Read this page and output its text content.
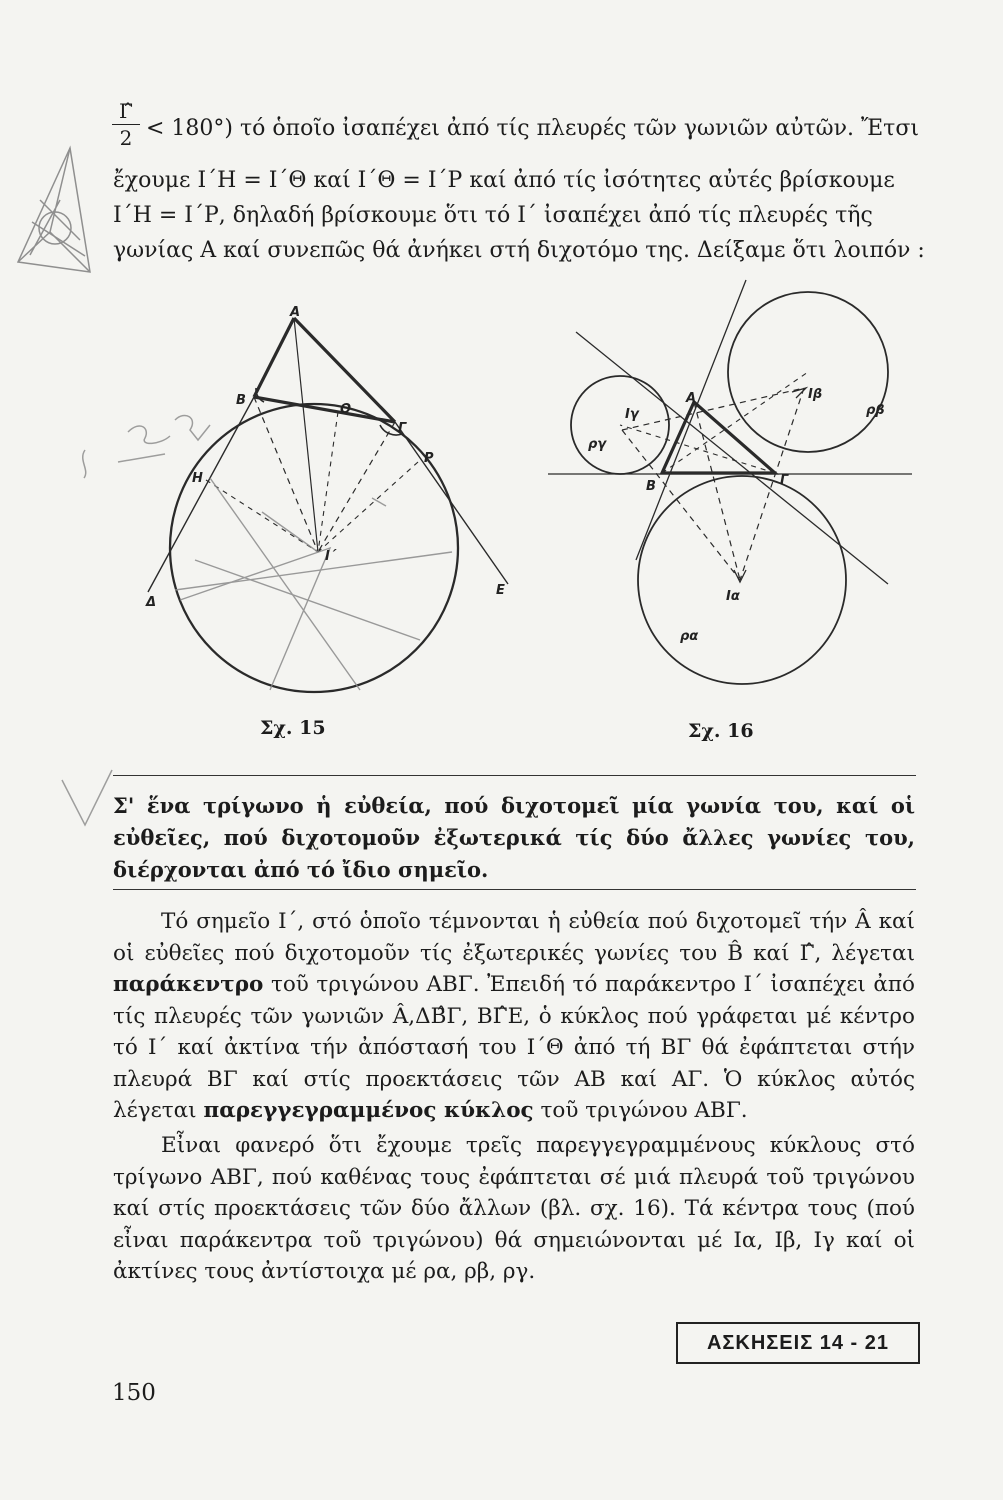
Γ̂
2 < 180°) τό ὁποῖο ἰσαπέχει ἀπό τίς πλευρές τῶν γωνιῶν αὐτῶν. Ἔτσι
ἔχουμε Ι΄Η = Ι΄Θ καί Ι΄Θ = Ι΄Ρ καί ἀπό τίς ἰσότητες αὐτές βρίσκουμε
Ι΄Η = Ι΄Ρ, δηλαδή βρίσκουμε ὅτι τό Ι΄ ἰσαπέχει ἀπό τίς πλευρές τῆς
γωνίας Α καί συνεπῶς θά ἀνήκει στή διχοτόμο της. Δείξαμε ὅτι λοιπόν :
A
B
Θ
Γ
P
H
Ι΄
Δ
E
A
B	Γ
Ιγ
Ιβ
Ια
ργ
ρβ
ρα
Σχ. 15	Σχ. 16
Σ' ἕνα τρίγωνο ἡ εὐθεία, πού διχοτομεῖ μία γωνία του, καί οἱ εὐθεῖες, πού διχοτομοῦν ἐξωτερικά τίς δύο ἄλλες γωνίες του, διέρχονται ἀπό τό ἴδιο σημεῖο.
Τό σημεῖο Ι΄, στό ὁποῖο τέμνονται ἡ εὐθεία πού διχοτομεῖ τήν Â καί οἱ εὐθεῖες πού διχοτομοῦν τίς ἐξωτερικές γωνίες του B̂ καί Γ̂, λέγεται παράκεντρο τοῦ τριγώνου ΑΒΓ. Ἐπειδή τό παράκεντρο Ι΄ ἰσαπέχει ἀπό τίς πλευρές τῶν γωνιῶν Â,ΔΒ̂Γ, ΒΓ̂Ε, ὁ κύκλος πού γράφεται μέ κέντρο τό Ι΄ καί ἀκτίνα τήν ἀπόστασή του Ι΄Θ ἀπό τή ΒΓ θά ἐφάπτεται στήν πλευρά ΒΓ καί στίς προεκτάσεις τῶν ΑΒ καί ΑΓ. Ὁ κύκλος αὐτός λέγεται παρεγγεγραμμένος κύκλος τοῦ τριγώνου ΑΒΓ.
Εἶναι φανερό ὅτι ἔχουμε τρεῖς παρεγγεγραμμένους κύκλους στό τρίγωνο ΑΒΓ, πού καθένας τους ἐφάπτεται σέ μιά πλευρά τοῦ τριγώνου καί στίς προεκτάσεις τῶν δύο ἄλλων (βλ. σχ. 16). Τά κέντρα τους (πού εἶναι παράκεντρα τοῦ τριγώνου) θά σημειώνονται μέ Ια, Ιβ, Ιγ καί οἱ ἀκτίνες τους ἀντίστοιχα μέ ρα, ρβ, ργ.
ΑΣΚΗΣΕΙΣ 14 - 21
150
